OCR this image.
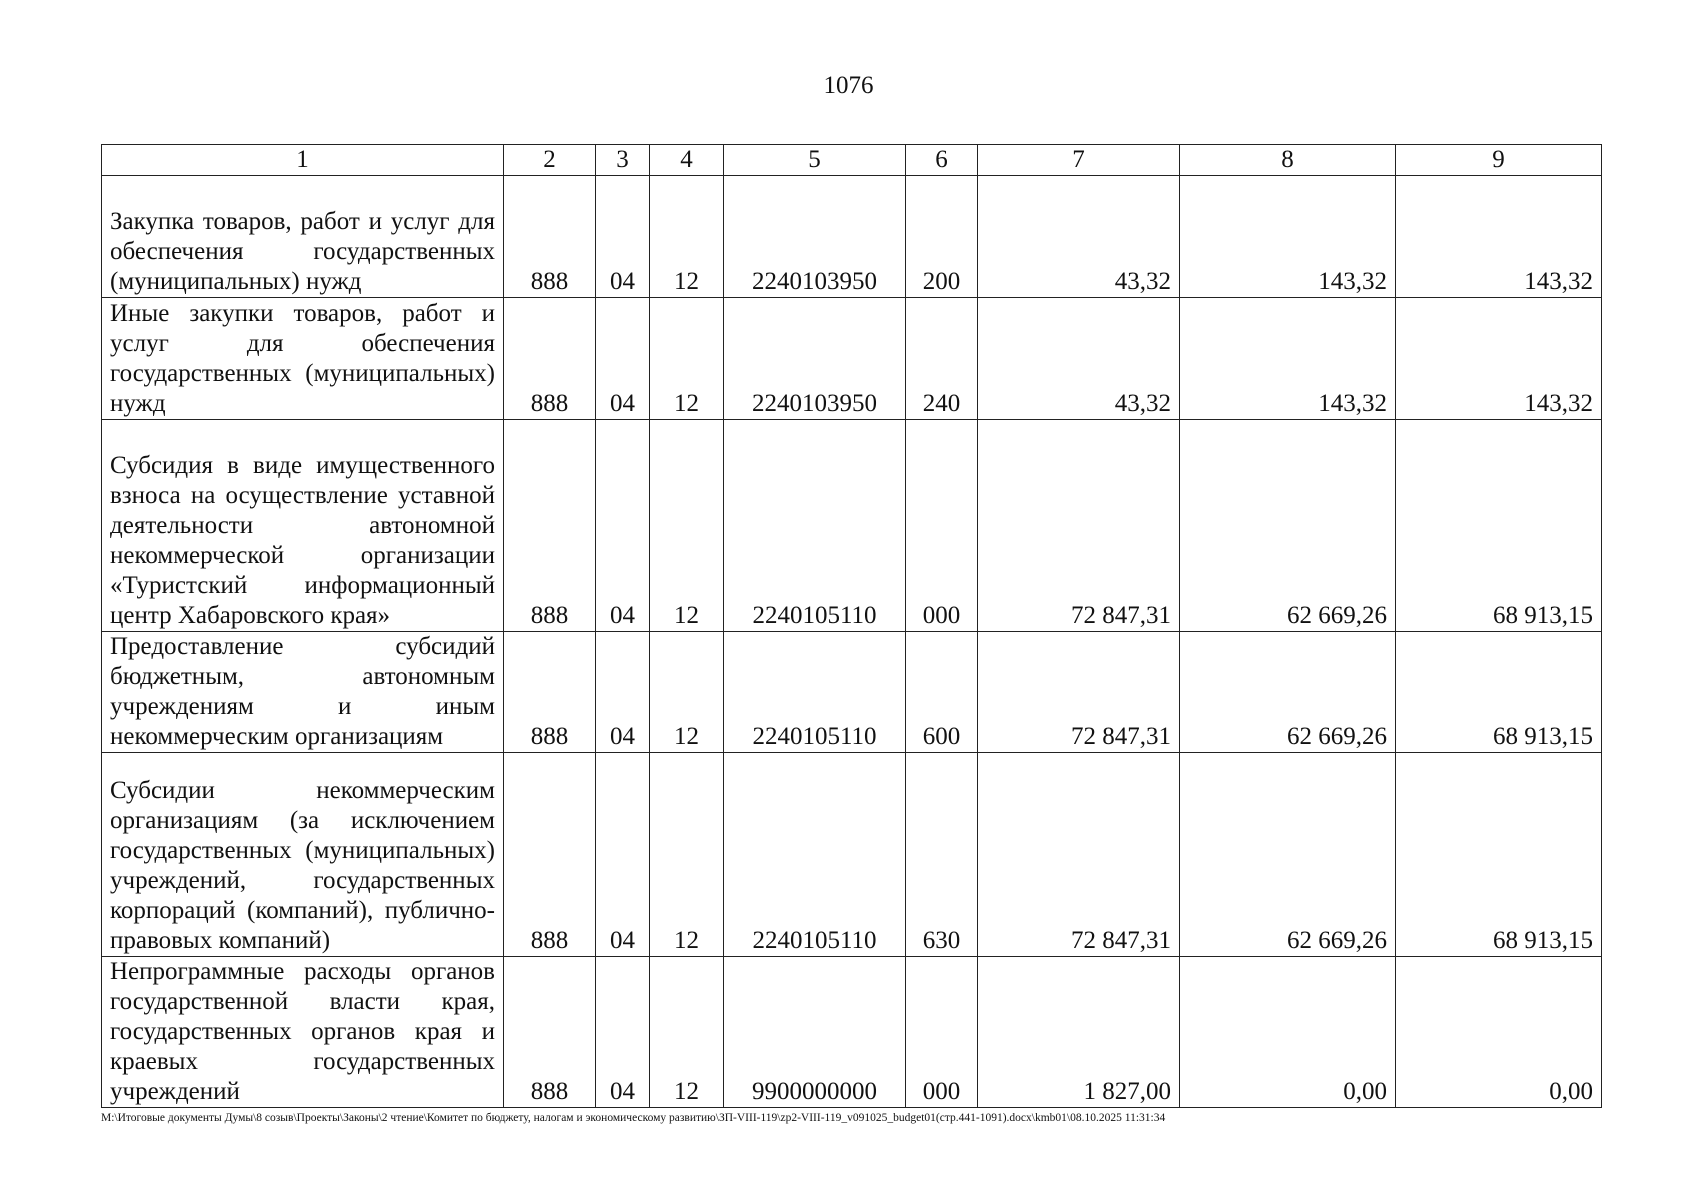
1076
1	2	3	4	5	6	7	8	9
Закупка товаров, работ и услуг для обеспечения государственных (муниципальных) нужд	888	04	12	2240103950	200	43,32	143,32	143,32
Иные закупки товаров, работ и услуг для обеспечения государственных (муниципальных) нужд	888	04	12	2240103950	240	43,32	143,32	143,32
Субсидия в виде имущественного взноса на осуществление уставной деятельности автономной некоммерческой организации «Туристский информационный центр Хабаровского края»	888	04	12	2240105110	000	72 847,31	62 669,26	68 913,15
Предоставление субсидий бюджетным, автономным учреждениям и иным некоммерческим организациям	888	04	12	2240105110	600	72 847,31	62 669,26	68 913,15
Субсидии некоммерческим организациям (за исключением государственных (муниципальных) учреждений, государственных корпораций (компаний), публично-правовых компаний)	888	04	12	2240105110	630	72 847,31	62 669,26	68 913,15
Непрограммные расходы органов государственной власти края, государственных органов края и краевых государственных учреждений	888	04	12	9900000000	000	1 827,00	0,00	0,00
M:\Итоговые документы Думы\8 созыв\Проекты\Законы\2 чтение\Комитет по бюджету, налогам и экономическому развитию\ЗП-VIII-119\zp2-VIII-119_v091025_budget01(стр.441-1091).docx\kmb01\08.10.2025 11:31:34
